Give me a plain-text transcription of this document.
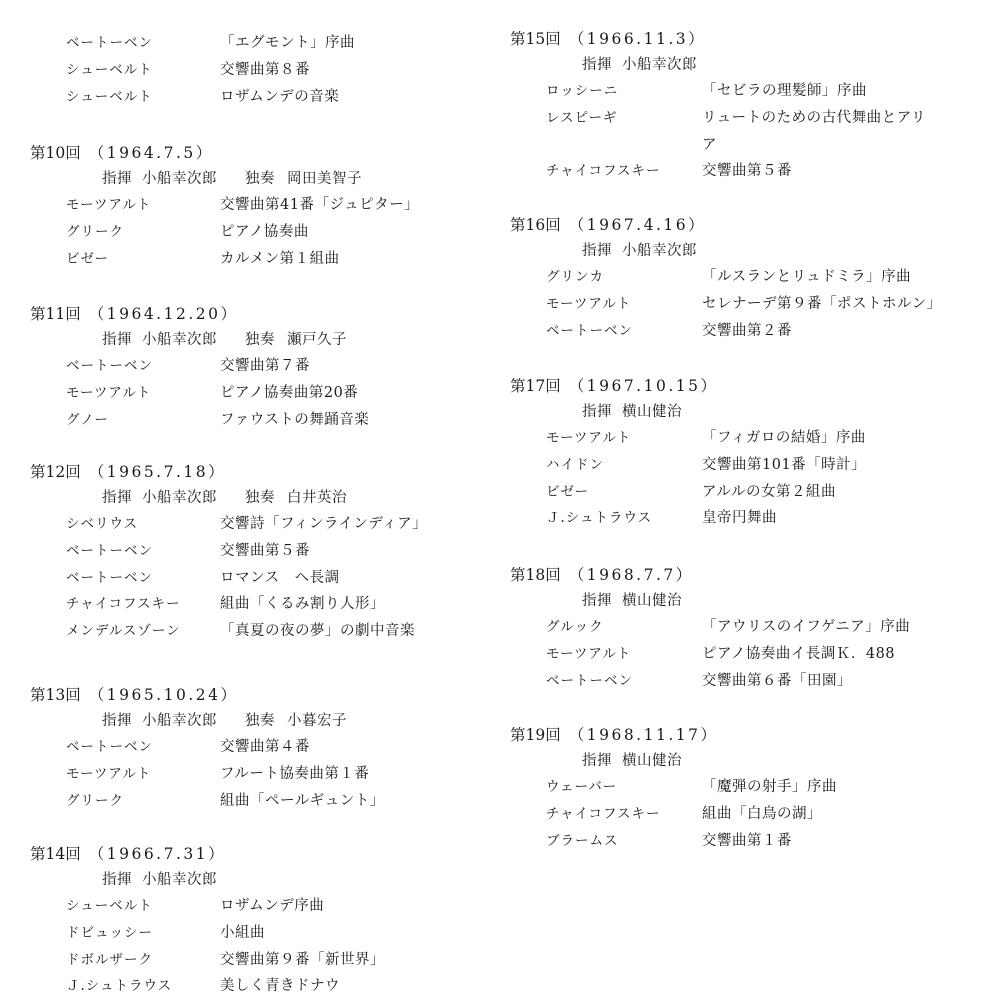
ベートーベン	「エグモント」序曲
シューベルト	交響曲第８番
シューベルト	ロザムンデの音楽
第10回 （1964.7.5）
指揮 小船幸次郎 独奏 岡田美智子
モーツアルト	交響曲第41番「ジュピター」
グリーク	ピアノ協奏曲
ビゼー	カルメン第１組曲
第11回 （1964.12.20）
指揮 小船幸次郎 独奏 瀬戸久子
ベートーベン	交響曲第７番
モーツアルト	ピアノ協奏曲第20番
グノー	ファウストの舞踊音楽
第12回 （1965.7.18）
指揮 小船幸次郎 独奏 白井英治
シベリウス	交響詩「フィンラインディア」
ベートーベン	交響曲第５番
ベートーベン	ロマンス　ヘ長調
チャイコフスキー	組曲「くるみ割り人形」
メンデルスゾーン	「真夏の夜の夢」の劇中音楽
第13回 （1965.10.24）
指揮 小船幸次郎 独奏 小暮宏子
ベートーベン	交響曲第４番
モーツアルト	フルート協奏曲第１番
グリーク	組曲「ペールギュント」
第14回 （1966.7.31）
指揮 小船幸次郎
シューベルト	ロザムンデ序曲
ドビュッシー	小組曲
ドボルザーク	交響曲第９番「新世界」
Ｊ.シュトラウス	美しく青きドナウ
第15回 （1966.11.3）
指揮 小船幸次郎
ロッシーニ	「セビラの理髪師」序曲
レスピーギ	リュートのための古代舞曲とアリ
ア
チャイコフスキー	交響曲第５番
第16回 （1967.4.16）
指揮 小船幸次郎
グリンカ	「ルスランとリュドミラ」序曲
モーツアルト	セレナーデ第９番「ポストホルン」
ベートーベン	交響曲第２番
第17回 （1967.10.15）
指揮 横山健治
モーツアルト	「フィガロの結婚」序曲
ハイドン	交響曲第101番「時計」
ビゼー	アルルの女第２組曲
Ｊ.シュトラウス	皇帝円舞曲
第18回 （1968.7.7）
指揮 横山健治
グルック	「アウリスのイフゲニア」序曲
モーツアルト	ピアノ協奏曲イ長調Ｋ．488
ベートーベン	交響曲第６番「田園」
第19回 （1968.11.17）
指揮 横山健治
ウェーバー	「魔弾の射手」序曲
チャイコフスキー	組曲「白鳥の湖」
ブラームス	交響曲第１番
